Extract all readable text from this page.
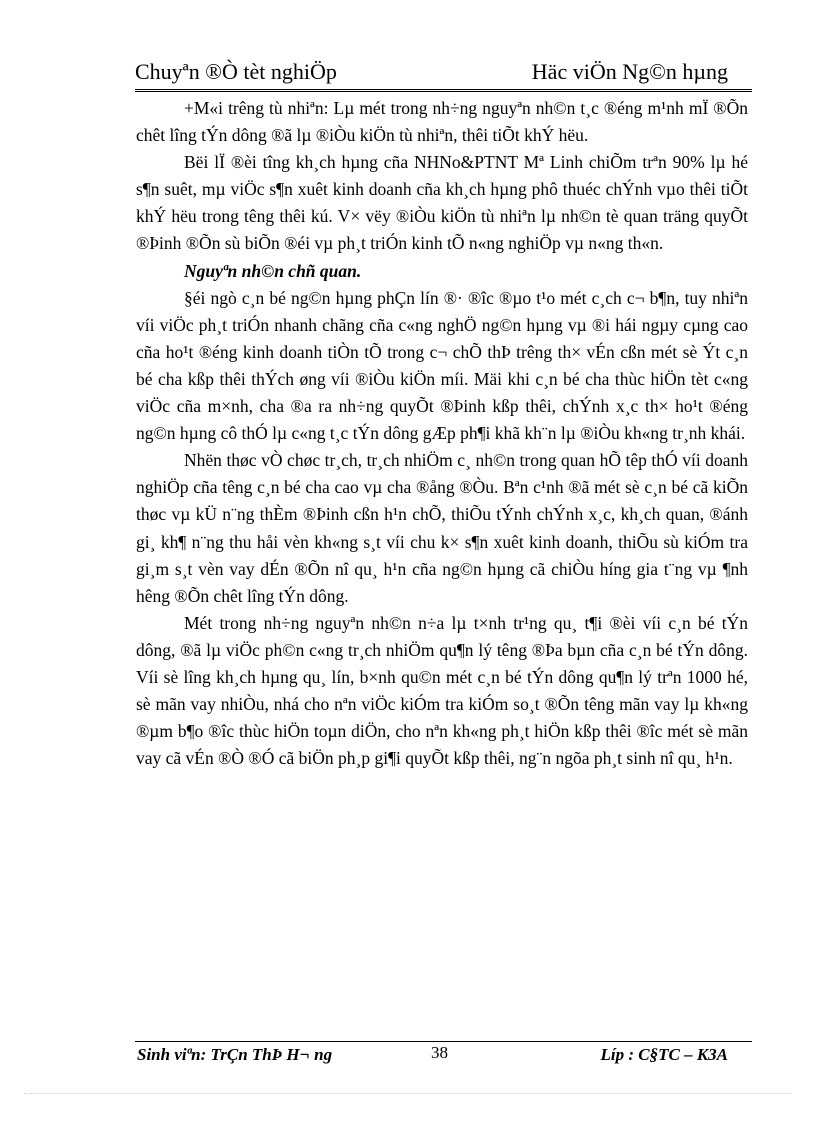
Chuyªn ®Ò tèt nghiÖp	Häc viÖn Ng©n hµng

+M«i trêng tù nhiªn: Lµ mét trong nh÷ng nguyªn nh©n t¸c ®éng m¹nh mÏ ®Õn chêt lîng tÝn dông ®ã lµ ®iÒu kiÖn tù nhiªn, thêi tiÕt khÝ hëu.

Bëi lÏ ®èi tîng kh¸ch hµng cña NHNo&PTNT Mª Linh chiÕm trªn 90% lµ hé s¶n suêt, mµ viÖc s¶n xuêt kinh doanh cña kh¸ch hµng phô thuéc chÝnh vµo thêi tiÕt khÝ hëu trong têng thêi kú. V× vëy ®iÒu kiÖn tù nhiªn lµ nh©n tè quan träng quyÕt ®Þinh ®Õn sù biÕn ®éi vµ ph¸t triÓn kinh tÕ n«ng nghiÖp vµ n«ng th«n.

Nguyªn nh©n chñ quan.

§éi ngò c¸n bé ng©n hµng phÇn lín ®· ®îc ®µo t¹o mét c¸ch c¬ b¶n, tuy nhiªn víi viÖc ph¸t triÓn nhanh chãng cña c«ng nghÖ ng©n hµng vµ ®i hái ngµy cµng cao cña ho¹t ®éng kinh doanh tiÒn tÕ trong c¬ chÕ thÞ trêng th× vÉn cßn mét sè Ýt c¸n bé cha kßp thêi thÝch øng víi ®iÒu kiÖn míi. Mäi khi c¸n bé cha thùc hiÖn tèt c«ng viÖc cña m×nh, cha ®a ra nh÷ng quyÕt ®Þinh kßp thêi, chÝnh x¸c th× ho¹t ®éng ng©n hµng cô thÓ lµ c«ng t¸c tÝn dông gÆp ph¶i khã kh¨n lµ ®iÒu kh«ng tr¸nh khái.

Nhën thøc vÒ chøc tr¸ch, tr¸ch nhiÖm c¸ nh©n trong quan hÕ têp thÓ víi doanh nghiÖp cña têng c¸n bé cha cao vµ cha ®ång ®Òu. Bªn c¹nh ®ã mét sè c¸n bé cã kiÕn thøc vµ kÜ n¨ng thÈm ®Þinh cßn h¹n chÕ, thiÕu tÝnh chÝnh x¸c, kh¸ch quan, ®ánh gi¸ kh¶ n¨ng thu håi vèn kh«ng s¸t víi chu k× s¶n xuêt kinh doanh, thiÕu sù kiÓm tra gi¸m s¸t vèn vay dÉn ®Õn nî qu¸ h¹n cña ng©n hµng cã chiÒu híng gia t¨ng vµ ¶nh hêng ®Õn chêt lîng tÝn dông.

Mét trong nh÷ng nguyªn nh©n n÷a lµ t×nh tr¹ng qu¸ t¶i ®èi víi c¸n bé tÝn dông, ®ã lµ viÖc ph©n c«ng tr¸ch nhiÖm qu¶n lý têng ®Þa bµn cña c¸n bé tÝn dông. Víi sè lîng kh¸ch hµng qu¸ lín, b×nh qu©n mét c¸n bé tÝn dông qu¶n lý trªn 1000 hé, sè mãn vay nhiÒu, nhá cho nªn viÖc kiÓm tra kiÓm so¸t ®Õn têng mãn vay lµ kh«ng ®µm b¶o ®îc thùc hiÖn toµn diÖn, cho nªn kh«ng ph¸t hiÖn kßp thêi ®îc mét sè mãn vay cã vÉn ®Ò ®Ó cã biÖn ph¸p gi¶i quyÕt kßp thêi, ng¨n ngõa ph¸t sinh nî qu¸ h¹n.

Sinh viªn: TrÇn ThÞ H¬ ng	38	Líp : C§TC – K3A
